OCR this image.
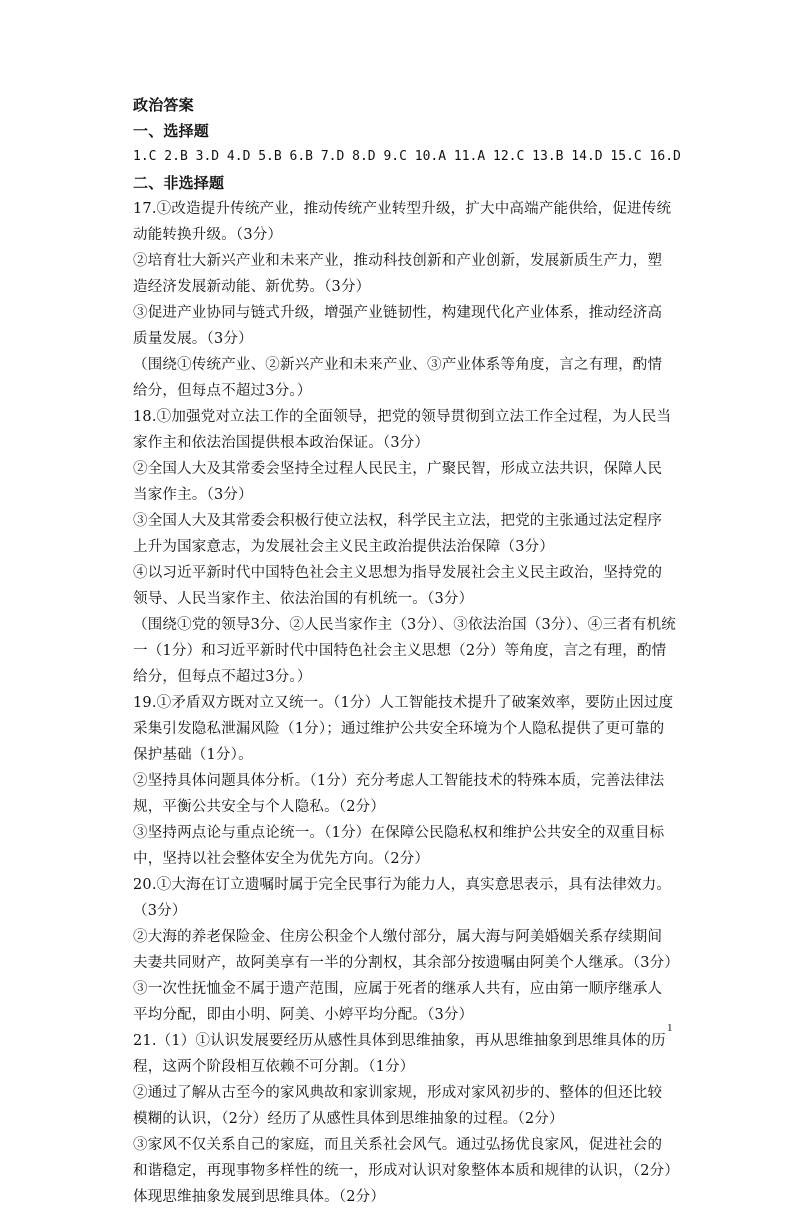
政治答案

一、选择题

1.C 2.B 3.D 4.D 5.B 6.B 7.D 8.D 9.C 10.A 11.A 12.C 13.B 14.D 15.C 16.D

二、非选择题

17.①改造提升传统产业，推动传统产业转型升级，扩大中高端产能供给，促进传统动能转换升级。（3分）

②培育壮大新兴产业和未来产业，推动科技创新和产业创新，发展新质生产力，塑造经济发展新动能、新优势。（3分）

③促进产业协同与链式升级，增强产业链韧性，构建现代化产业体系，推动经济高质量发展。（3分）

（围绕①传统产业、②新兴产业和未来产业、③产业体系等角度，言之有理，酌情给分，但每点不超过3分。）

18.①加强党对立法工作的全面领导，把党的领导贯彻到立法工作全过程，为人民当家作主和依法治国提供根本政治保证。（3分）

②全国人大及其常委会坚持全过程人民民主，广聚民智，形成立法共识，保障人民当家作主。（3分）

③全国人大及其常委会积极行使立法权，科学民主立法，把党的主张通过法定程序上升为国家意志，为发展社会主义民主政治提供法治保障（3分）

④以习近平新时代中国特色社会主义思想为指导发展社会主义民主政治，坚持党的领导、人民当家作主、依法治国的有机统一。（3分）

（围绕①党的领导3分、②人民当家作主（3分）、③依法治国（3分）、④三者有机统一（1分）和习近平新时代中国特色社会主义思想（2分）等角度，言之有理，酌情给分，但每点不超过3分。）

19.①矛盾双方既对立又统一。（1分）人工智能技术提升了破案效率，要防止因过度采集引发隐私泄漏风险（1分）；通过维护公共安全环境为个人隐私提供了更可靠的保护基础（1分）。

②坚持具体问题具体分析。（1分）充分考虑人工智能技术的特殊本质，完善法律法规，平衡公共安全与个人隐私。（2分）

③坚持两点论与重点论统一。（1分）在保障公民隐私权和维护公共安全的双重目标中，坚持以社会整体安全为优先方向。（2分）

20.①大海在订立遗嘱时属于完全民事行为能力人，真实意思表示，具有法律效力。（3分）

②大海的养老保险金、住房公积金个人缴付部分，属大海与阿美婚姻关系存续期间夫妻共同财产，故阿美享有一半的分割权，其余部分按遗嘱由阿美个人继承。（3分）

③一次性抚恤金不属于遗产范围，应属于死者的继承人共有，应由第一顺序继承人平均分配，即由小明、阿美、小婷平均分配。（3分）

21.（1）①认识发展要经历从感性具体到思维抽象，再从思维抽象到思维具体的历程，这两个阶段相互依赖不可分割。（1分）

②通过了解从古至今的家风典故和家训家规，形成对家风初步的、整体的但还比较模糊的认识，（2分）经历了从感性具体到思维抽象的过程。（2分）

③家风不仅关系自己的家庭，而且关系社会风气。通过弘扬优良家风，促进社会的和谐稳定，再现事物多样性的统一，形成对认识对象整体本质和规律的认识，（2分）体现思维抽象发展到思维具体。（2分）

1
